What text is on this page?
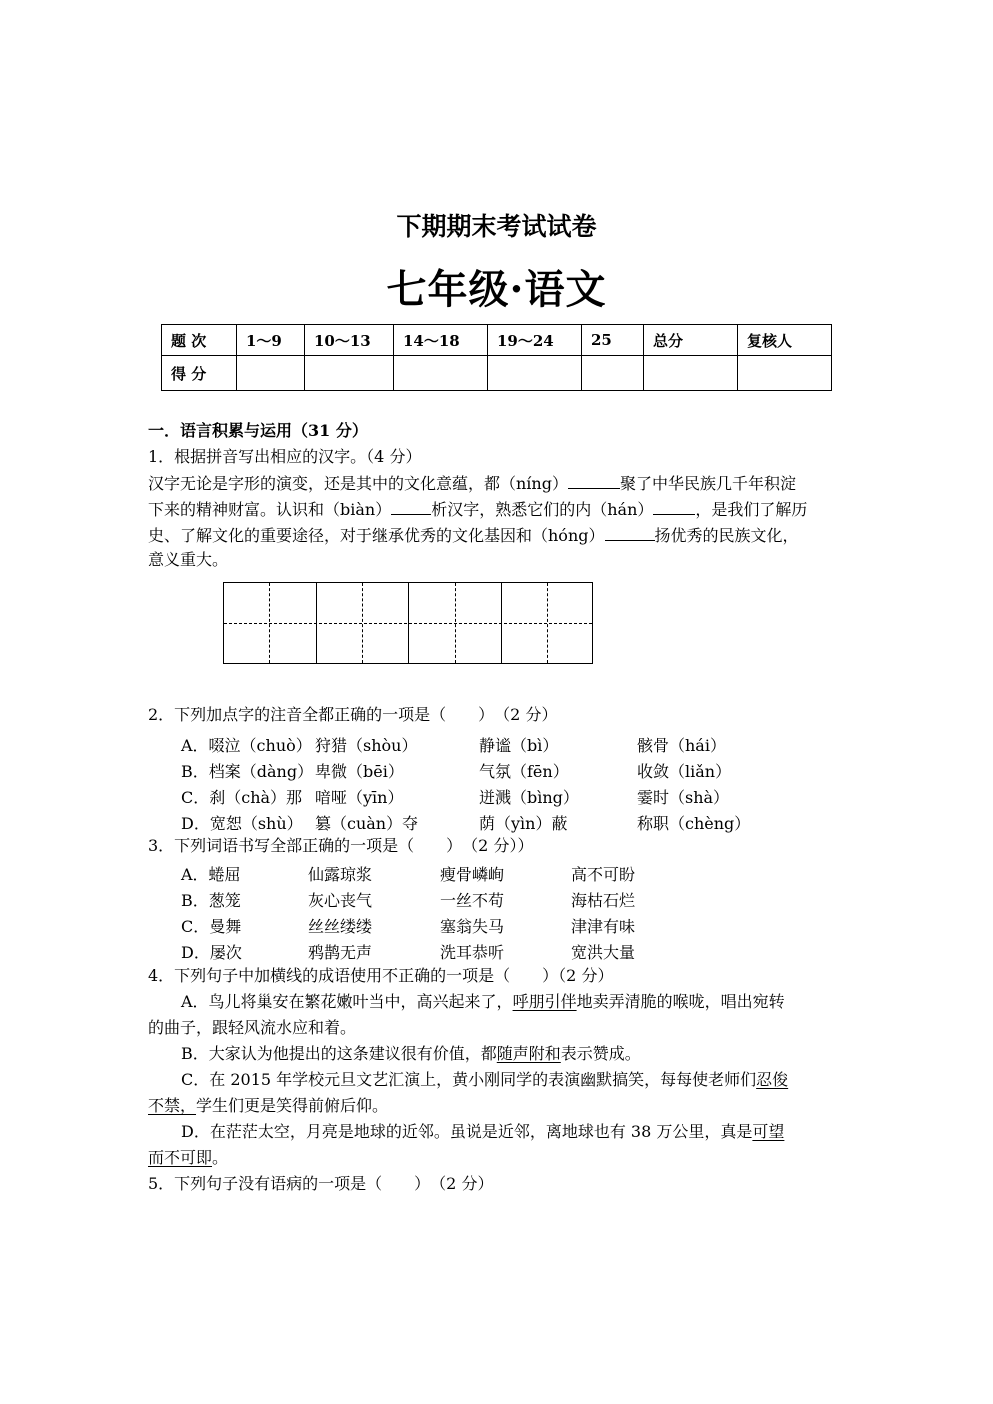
下期期末考试试卷
七年级·语文
题 次	1～9	10～13	14～18	19～24	25	总分	复核人
得 分							
一．语言积累与运用（31 分）
1．根据拼音写出相应的汉字。（4 分）
汉字无论是字形的演变，还是其中的文化意蕴，都（níng）	聚了中华民族几千年积淀
下来的精神财富。认识和（biàn）	析汉字，熟悉它们的内（hán）	，是我们了解历
史、了解文化的重要途径，对于继承优秀的文化基因和（hóng）	扬优秀的民族文化，
意义重大。
2．下列加点字的注音全都正确的一项是（　　）　（2 分）
A．啜泣（chuò） 狩猎（shòu）	静谧（bì）	骸骨（hái）
B．档案（dàng） 卑微（bēi）	气氛（fēn）	收敛（liǎn）
C．刹（chà）那 喑哑（yīn）	迸溅（bìng）	霎时（shà）
D．宽恕（shù） 篡（cuàn）夺	荫（yìn）蔽	称职（chèng）
3．下列词语书写全部正确的一项是（　　）　（2 分））
A．蜷屈	仙露琼浆	瘦骨嶙峋	高不可盼
B．葱笼	灰心丧气	一丝不苟	海枯石烂
C．曼舞	丝丝缕缕	塞翁失马	津津有味
D．屡次	鸦鹊无声	洗耳恭听	宽洪大量
4．下列句子中加横线的成语使用不正确的一项是（　　）（2 分）
A．鸟儿将巢安在繁花嫩叶当中，高兴起来了，呼朋引伴地卖弄清脆的喉咙，唱出宛转
的曲子，跟轻风流水应和着。
B．大家认为他提出的这条建议很有价值，都随声附和表示赞成。
C．在 2015 年学校元旦文艺汇演上，黄小刚同学的表演幽默搞笑，每每使老师们忍俊
不禁，学生们更是笑得前俯后仰。
D．在茫茫太空，月亮是地球的近邻。虽说是近邻，离地球也有 38 万公里，真是可望
而不可即。
5．下列句子没有语病的一项是（　　）　（2 分）
